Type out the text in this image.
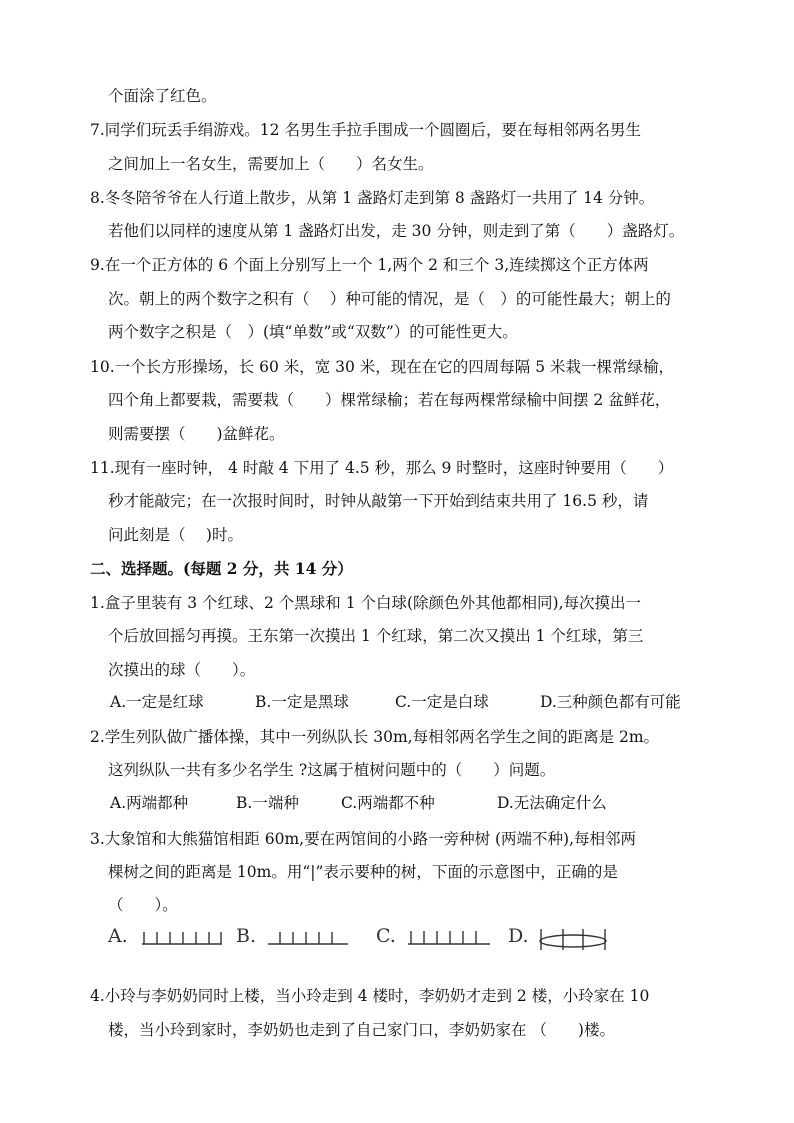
个面涂了红色。
7.同学们玩丢手绢游戏。12 名男生手拉手围成一个圆圈后，要在每相邻两名男生
之间加上一名女生，需要加上（　　）名女生。
8.冬冬陪爷爷在人行道上散步，从第 1 盏路灯走到第 8 盏路灯一共用了 14 分钟。
若他们以同样的速度从第 1 盏路灯出发，走 30 分钟，则走到了第（　　）盏路灯。
9.在一个正方体的 6 个面上分别写上一个 1,两个 2 和三个 3,连续掷这个正方体两
次。朝上的两个数字之积有（　 ）种可能的情况，是（　）的可能性最大；朝上的
两个数字之积是（　）(填“单数”或“双数”）的可能性更大。
10.一个长方形操场，长 60 米，宽 30 米，现在在它的四周每隔 5 米栽一棵常绿榆，
四个角上都要栽，需要栽（　　）棵常绿榆；若在每两棵常绿榆中间摆 2 盆鲜花，
则需要摆（　　)盆鲜花。
11.现有一座时钟， 4 时敲 4 下用了 4.5 秒，那么 9 时整时，这座时钟要用（　　）
秒才能敲完；在一次报时间时，时钟从敲第一下开始到结束共用了 16.5 秒，请
问此刻是（　 )时。
二、选择题。(每题 2 分，共 14 分）
1.盒子里装有 3 个红球、2 个黑球和 1 个白球(除颜色外其他都相同),每次摸出一
个后放回摇匀再摸。王东第一次摸出 1 个红球，第二次又摸出 1 个红球，第三
次摸出的球（　　）。
A.一定是红球	B.一定是黑球	C.一定是白球	D.三种颜色都有可能
2.学生列队做广播体操，其中一列纵队长 30m,每相邻两名学生之间的距离是 2m。
这列纵队一共有多少名学生 ?这属于植树问题中的（　　）问题。
A.两端都种	B.一端种	C.两端都不种	D.无法确定什么
3.大象馆和大熊猫馆相距 60m,要在两馆间的小路一旁种树 (两端不种),每相邻两
棵树之间的距离是 10m。用“|”表示要种的树，下面的示意图中，正确的是
（　　）。
A.	B.	C.	D.
4.小玲与李奶奶同时上楼，当小玲走到 4 楼时，李奶奶才走到 2 楼，小玲家在 10
楼，当小玲到家时，李奶奶也走到了自己家门口，李奶奶家在 （　　)楼。
